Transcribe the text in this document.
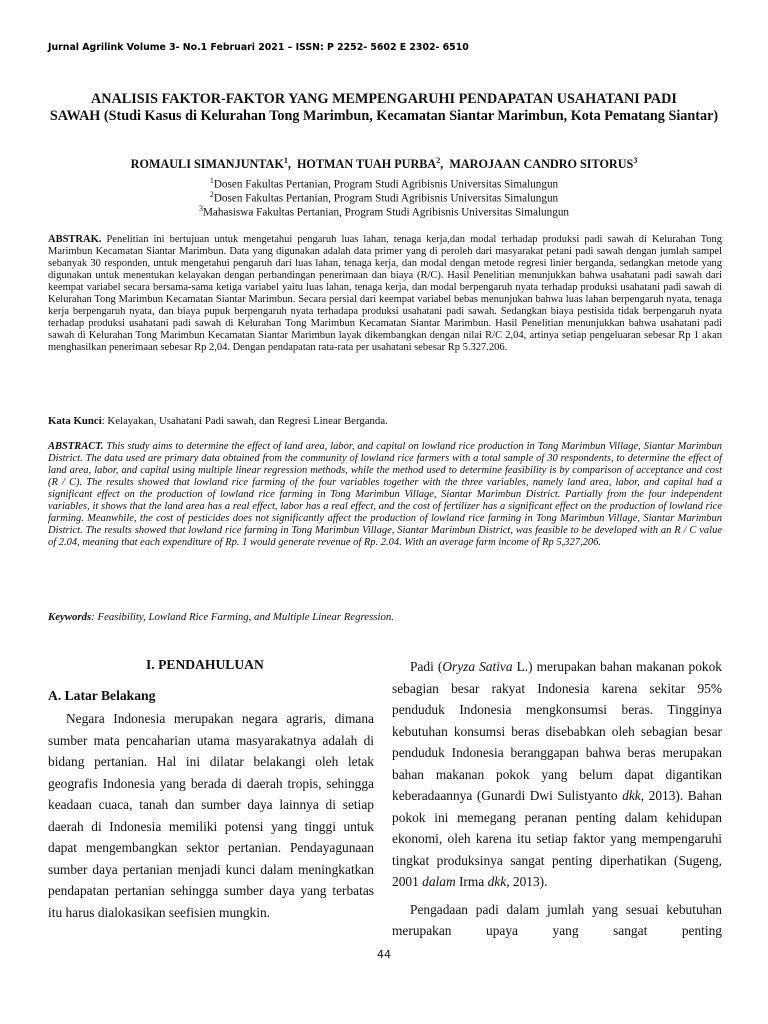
Jurnal Agrilink Volume 3- No.1 Februari 2021 – ISSN: P 2252- 5602 E 2302- 6510
ANALISIS FAKTOR-FAKTOR YANG MEMPENGARUHI PENDAPATAN USAHATANI PADI
SAWAH (Studi Kasus di Kelurahan Tong Marimbun, Kecamatan Siantar Marimbun, Kota Pematang Siantar)
ROMAULI SIMANJUNTAK$^1$,  HOTMAN TUAH PURBA$^2$,  MAROJAAN CANDRO SITORUS$^3$
$^1$Dosen Fakultas Pertanian, Program Studi Agribisnis Universitas Simalungun
$^2$Dosen Fakultas Pertanian, Program Studi Agribisnis Universitas Simalungun
$^3$Mahasiswa Fakultas Pertanian, Program Studi Agribisnis Universitas Simalungun
ABSTRAK. Penelitian ini bertujuan untuk mengetahui pengaruh luas lahan, tenaga kerja,dan modal terhadap produksi padi sawah di Kelurahan Tong Marimbun Kecamatan Siantar Marimbun. Data yang digunakan adalah data primer yang di peroleh dari masyarakat petani padi sawah dengan jumlah sampel sebanyak 30 responden, untuk mengetahui pengaruh dari luas lahan, tenaga kerja, dan modal dengan metode regresi linier berganda, sedangkan metode yang digunakan untuk menentukan kelayakan dengan perbandingan penerimaan dan biaya (R/C). Hasil Penelitian menunjukkan bahwa usahatani padi sawah dari keempat variabel secara bersama-sama ketiga variabel yaitu luas lahan, tenaga kerja, dan modal berpengaruh nyata terhadap produksi usahatani padi sawah di Kelurahan Tong Marimbun Kecamatan Siantar Marimbun. Secara persial dari keempat variabel bebas menunjukan bahwa luas lahan berpengaruh nyata, tenaga kerja berpengaruh nyata, dan biaya pupuk berpengaruh nyata terhadapa produksi usahatani padi sawah. Sedangkan biaya pestisida tidak berpengaruh nyata terhadap produksi usahatani padi sawah di Kelurahan Tong Marimbun Kecamatan Siantar Marimbun. Hasil Penelitian menunjukkan bahwa usahatani padi sawah di Kelurahan Tong Marimbun Kecamatan Siantar Marimbun layak dikembangkan dengan nilai R/C 2,04, artinya setiap pengeluaran sebesar Rp 1 akan menghasilkan penerimaan sebesar Rp 2,04. Dengan pendapatan rata-rata per usahatani sebesar Rp 5.327.206.
Kata Kunci: Kelayakan, Usahatani Padi sawah, dan Regresi Linear Berganda.
ABSTRACT. This study aims to determine the effect of land area, labor, and capital on lowland rice production in Tong Marimbun Village, Siantar Marimbun District. The data used are primary data obtained from the community of lowland rice farmers with a total sample of 30 respondents, to determine the effect of land area, labor, and capital using multiple linear regression methods, while the method used to determine feasibility is by comparison of acceptance and cost (R / C). The results showed that lowland rice farming of the four variables together with the three variables, namely land area, labor, and capital had a significant effect on the production of lowland rice farming in Tong Marimbun Village, Siantar Marimbun District. Partially from the four independent variables, it shows that the land area has a real effect, labor has a real effect, and the cost of fertilizer has a significant effect on the production of lowland rice farming. Meanwhile, the cost of pesticides does not significantly affect the production of lowland rice farming in Tong Marimbun Village, Siantar Marimbun District. The results showed that lowland rice farming in Tong Marimbun Village, Siantar Marimbun District, was feasible to be developed with an R / C value of 2.04, meaning that each expenditure of Rp. 1 would generate revenue of Rp. 2.04. With an average farm income of Rp 5,327,206.
Keywords: Feasibility, Lowland Rice Farming, and Multiple Linear Regression.
I. PENDAHULUAN
A. Latar Belakang

Negara Indonesia merupakan negara agraris, dimana sumber mata pencaharian utama masyarakatnya adalah di bidang pertanian. Hal ini dilatar belakangi oleh letak geografis Indonesia yang berada di daerah tropis, sehingga keadaan cuaca, tanah dan sumber daya lainnya di setiap daerah di Indonesia memiliki potensi yang tinggi untuk dapat mengembangkan sektor pertanian. Pendayagunaan sumber daya pertanian menjadi kunci dalam meningkatkan pendapatan pertanian sehingga sumber daya yang terbatas itu harus dialokasikan seefisien mungkin.

Padi (Oryza Sativa L.) merupakan bahan makanan pokok sebagian besar rakyat Indonesia karena sekitar 95% penduduk Indonesia mengkonsumsi beras. Tingginya kebutuhan konsumsi beras disebabkan oleh sebagian besar penduduk Indonesia beranggapan bahwa beras merupakan bahan makanan pokok yang belum dapat digantikan keberadaannya (Gunardi Dwi Sulistyanto dkk, 2013). Bahan pokok ini memegang peranan penting dalam kehidupan ekonomi, oleh karena itu setiap faktor yang mempengaruhi tingkat produksinya sangat penting diperhatikan (Sugeng, 2001 dalam Irma dkk, 2013).

Pengadaan padi dalam jumlah yang sesuai kebutuhan merupakan upaya yang sangat penting

44
